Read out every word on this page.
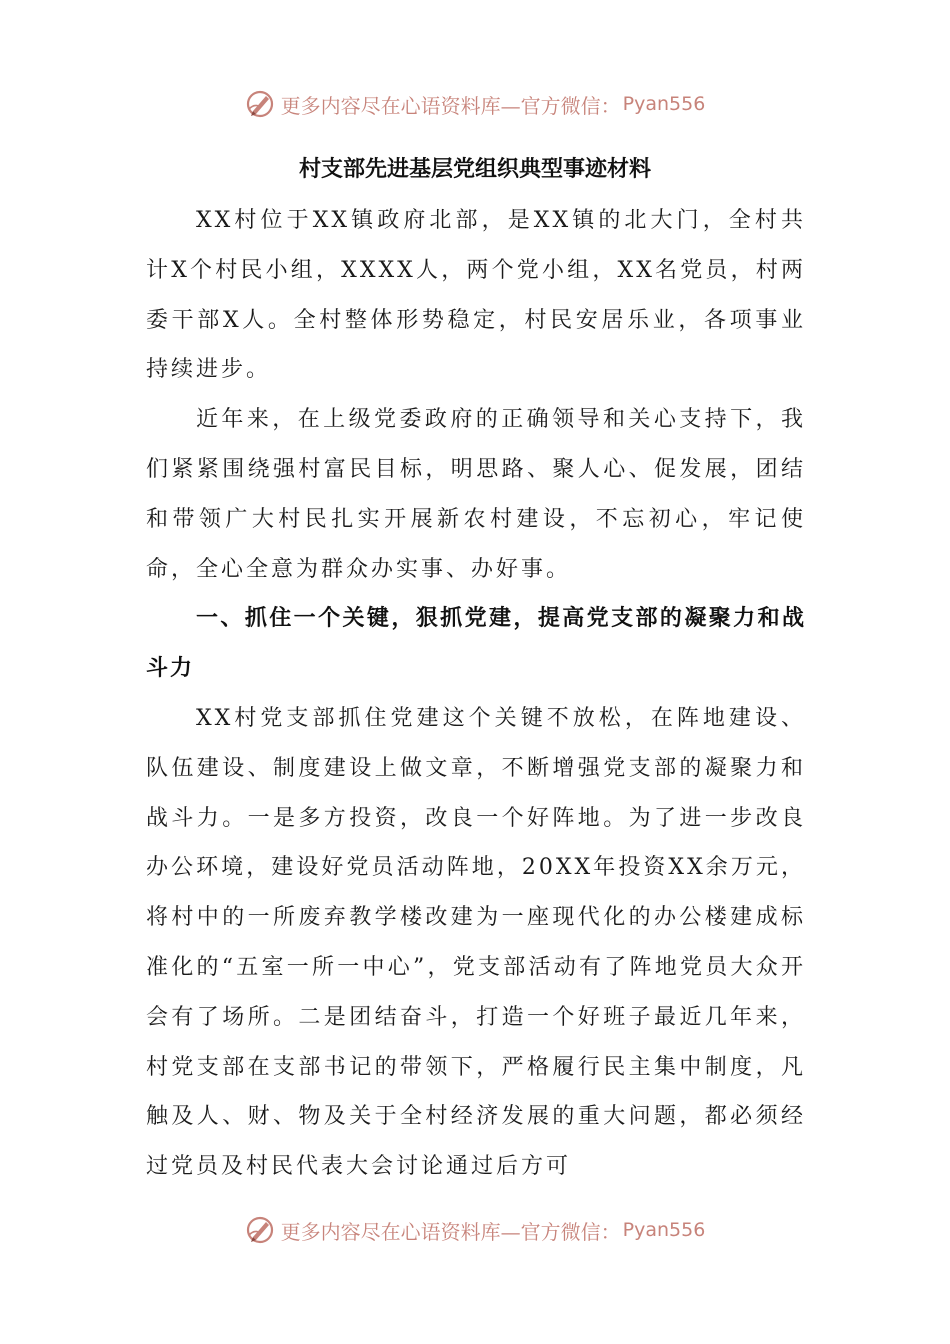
更多内容尽在心语资料库—官方微信： Pyan556
村支部先进基层党组织典型事迹材料

XX村位于XX镇政府北部，是XX镇的北大门，全村共计X个村民小组，XXXX人，两个党小组，XX名党员，村两委干部X人。全村整体形势稳定，村民安居乐业，各项事业持续进步。

近年来，在上级党委政府的正确领导和关心支持下，我们紧紧围绕强村富民目标，明思路、聚人心、促发展，团结和带领广大村民扎实开展新农村建设，不忘初心，牢记使命，全心全意为群众办实事、办好事。

一、抓住一个关键，狠抓党建，提高党支部的凝聚力和战斗力

XX村党支部抓住党建这个关键不放松，在阵地建设、队伍建设、制度建设上做文章，不断增强党支部的凝聚力和战斗力。一是多方投资，改良一个好阵地。为了进一步改良办公环境，建设好党员活动阵地，20XX年投资XX余万元，将村中的一所废弃教学楼改建为一座现代化的办公楼建成标准化的“五室一所一中心”，党支部活动有了阵地党员大众开会有了场所。二是团结奋斗，打造一个好班子最近几年来，村党支部在支部书记的带领下，严格履行民主集中制度，凡触及人、财、物及关于全村经济发展的重大问题，都必须经过党员及村民代表大会讨论通过后方可

更多内容尽在心语资料库—官方微信： Pyan556
